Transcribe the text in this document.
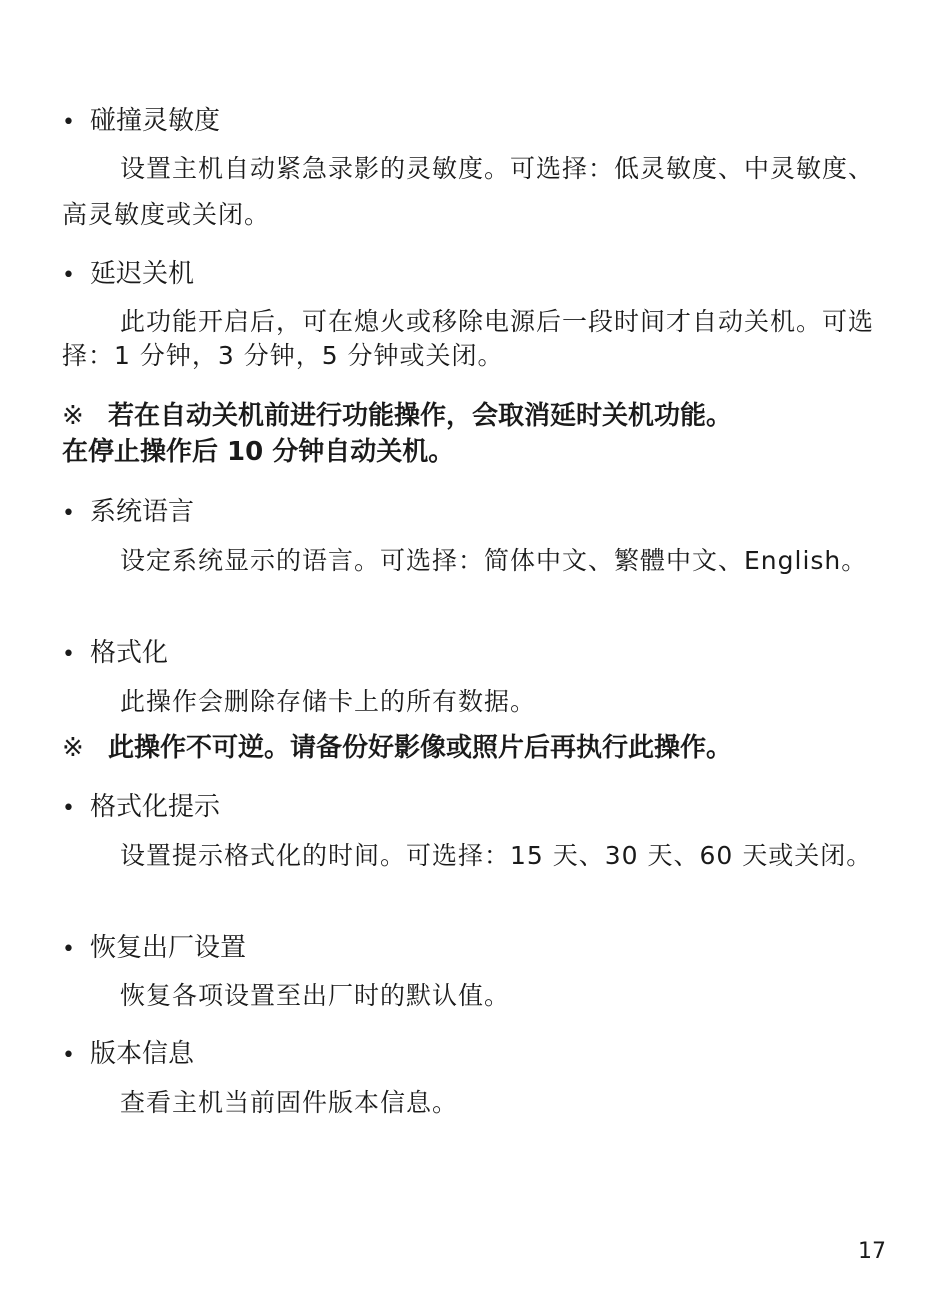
• 碰撞灵敏度
设置主机自动紧急录影的灵敏度。可选择：低灵敏度、中灵敏度、高灵敏度或关闭。
• 延迟关机
此功能开启后，可在熄火或移除电源后一段时间才自动关机。可选择：1 分钟，3 分钟，5 分钟或关闭。
※ 若在自动关机前进行功能操作，会取消延时关机功能。
在停止操作后 10 分钟自动关机。
• 系统语言
设定系统显示的语言。可选择：简体中文、繁體中文、English。
• 格式化
此操作会删除存储卡上的所有数据。
※ 此操作不可逆。请备份好影像或照片后再执行此操作。
• 格式化提示
设置提示格式化的时间。可选择：15 天、30 天、60 天或关闭。
• 恢复出厂设置
恢复各项设置至出厂时的默认值。
• 版本信息
查看主机当前固件版本信息。
17
